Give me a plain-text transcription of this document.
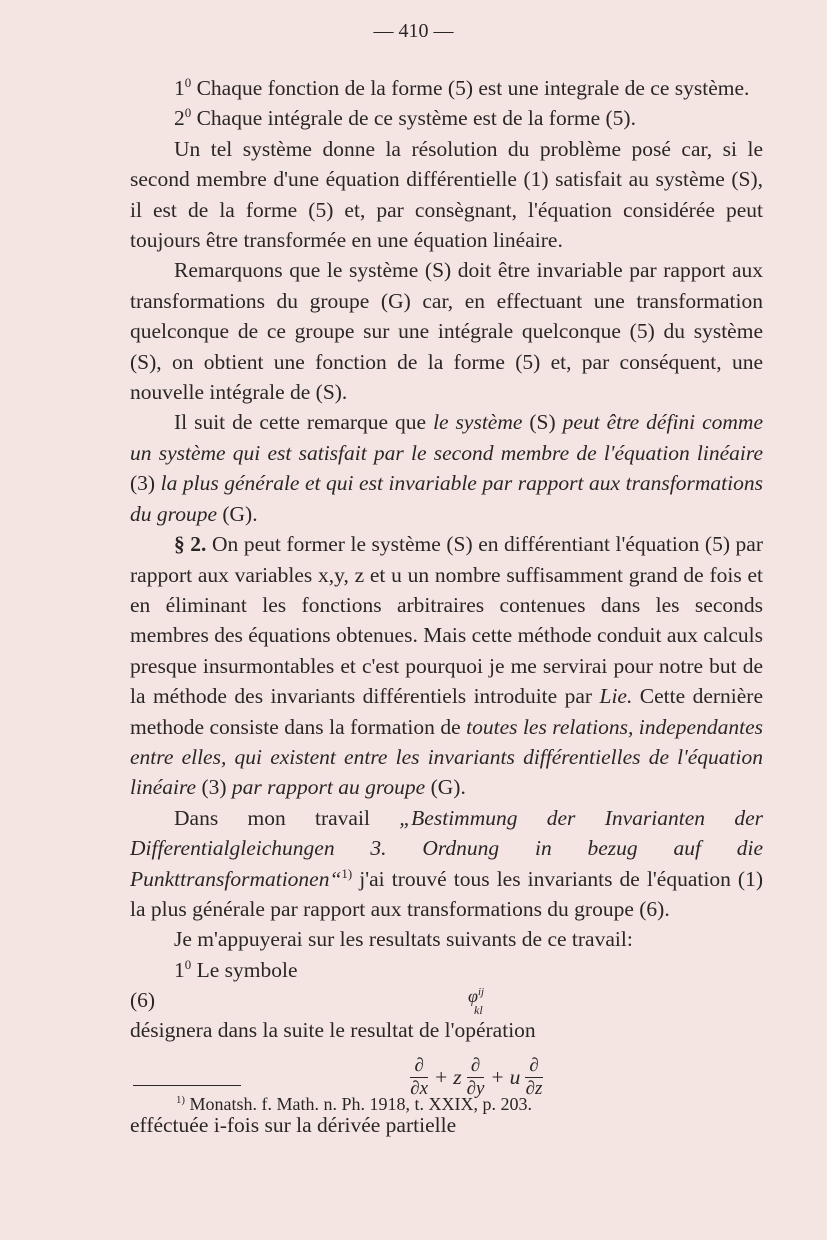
— 410 —

$1^0$ Chaque fonction de la forme (5) est une integrale de ce système.

$2^0$ Chaque intégrale de ce système est de la forme (5).

Un tel système donne la résolution du problème posé car, si le second membre d'une équation différentielle (1) satisfait au système (S), il est de la forme (5) et, par consègnant, l'équation considérée peut toujours être transformée en une équation linéaire.

Remarquons que le système (S) doit être invariable par rapport aux transformations du groupe (G) car, en effectuant une transformation quelconque de ce groupe sur une intégrale quelconque (5) du système (S), on obtient une fonction de la forme (5) et, par conséquent, une nouvelle intégrale de (S).

Il suit de cette remarque que le système (S) peut être défini comme un système qui est satisfait par le second membre de l'équation linéaire (3) la plus générale et qui est invariable par rapport aux transformations du groupe (G).

§ 2. On peut former le système (S) en différentiant l'équation (5) par rapport aux variables x,y, z et u un nombre suffisamment grand de fois et en éliminant les fonctions arbitraires contenues dans les seconds membres des équations obtenues. Mais cette méthode conduit aux calculs presque insurmontables et c'est pourquoi je me servirai pour notre but de la méthode des invariants différentiels introduite par Lie. Cette dernière methode consiste dans la formation de toutes les relations, independantes entre elles, qui existent entre les invariants différentielles de l'équation linéaire (3) par rapport au groupe (G).

Dans mon travail „Bestimmung der Invarianten der Differentialgleichungen 3. Ordnung in bezug auf die Punkttransformationen“$^{1)}$ j'ai trouvé tous les invariants de l'équation (1) la plus générale par rapport aux transformations du groupe (6).

Je m'appuyerai sur les resultats suivants de ce travail:

$1^0$ Le symbole

(6)	$\varphi^{ij}$
kl

désignera dans la suite le resultat de l'opération

$\frac{\partial}{\partial x} + z \frac{\partial}{\partial y} + u \frac{\partial}{\partial z}$

efféctuée i-fois sur la dérivée partielle

$^{1)}$ Monatsh. f. Math. n. Ph. 1918, t. XXIX, p. 203.
